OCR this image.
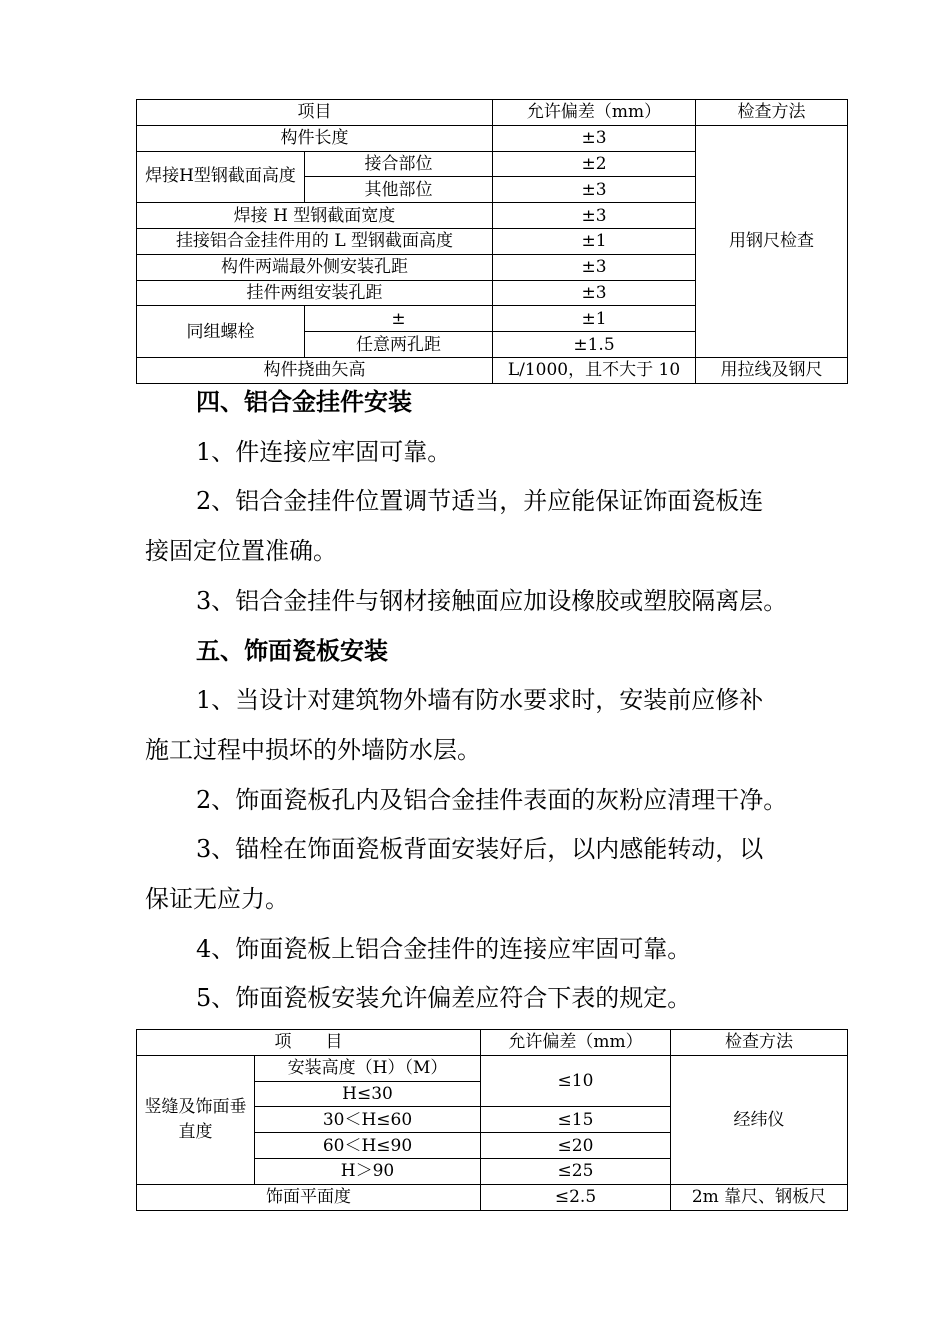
项目		允许偏差（mm）	检查方法
构件长度		±3	用钢尺检查
焊接H型钢截面高度	接合部位	±2	
	其他部位	±3	
焊接 H 型钢截面宽度		±3	
挂接铝合金挂件用的 L 型钢截面高度		±1	
构件两端最外侧安装孔距		±3	
挂件两组安装孔距		±3	
同组螺栓	±	±1	
	任意两孔距	±1.5	
构件挠曲矢高		L/1000，且不大于 10	用拉线及钢尺

四、铝合金挂件安装

1、件连接应牢固可靠。

2、铝合金挂件位置调节适当，并应能保证饰面瓷板连

接固定位置准确。

3、铝合金挂件与钢材接触面应加设橡胶或塑胶隔离层。

五、饰面瓷板安装

1、当设计对建筑物外墙有防水要求时，安装前应修补

施工过程中损坏的外墙防水层。

2、饰面瓷板孔内及铝合金挂件表面的灰粉应清理干净。

3、锚栓在饰面瓷板背面安装好后，以内感能转动，以

保证无应力。

4、饰面瓷板上铝合金挂件的连接应牢固可靠。

5、饰面瓷板安装允许偏差应符合下表的规定。

项　　目		允许偏差（mm）	检查方法
竖缝及饰面垂直度	安装高度（H）（M）	≤10	经纬仪
	H≤30		
	30＜H≤60	≤15	
	60＜H≤90	≤20	
	H＞90	≤25	
饰面平面度		≤2.5	2m 靠尺、钢板尺
